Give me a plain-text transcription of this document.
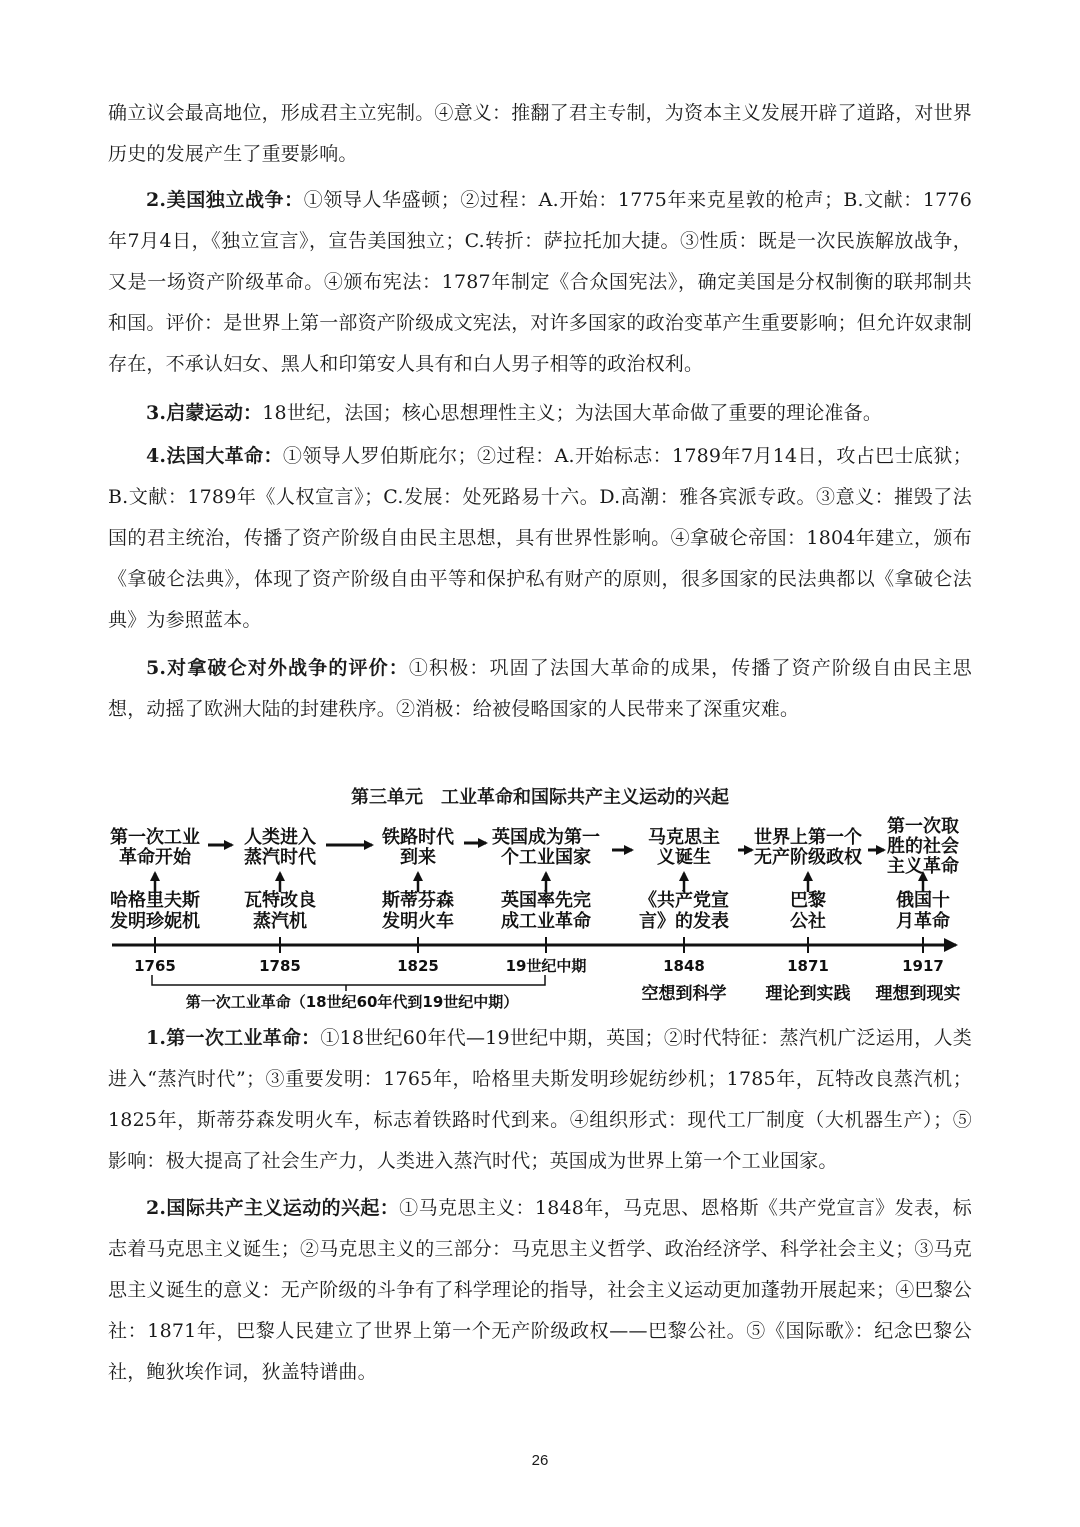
确立议会最高地位，形成君主立宪制。④意义：推翻了君主专制，为资本主义发展开辟了道路，对世界历史的发展产生了重要影响。

2.美国独立战争：①领导人华盛顿；②过程：A.开始：1775年来克星敦的枪声；B.文献：1776年7月4日，《独立宣言》，宣告美国独立；C.转折：萨拉托加大捷。③性质：既是一次民族解放战争，又是一场资产阶级革命。④颁布宪法：1787年制定《合众国宪法》，确定美国是分权制衡的联邦制共和国。评价：是世界上第一部资产阶级成文宪法，对许多国家的政治变革产生重要影响；但允许奴隶制存在，不承认妇女、黑人和印第安人具有和白人男子相等的政治权利。

3.启蒙运动：18世纪，法国；核心思想理性主义；为法国大革命做了重要的理论准备。

4.法国大革命：①领导人罗伯斯庇尔；②过程：A.开始标志：1789年7月14日，攻占巴士底狱；B.文献：1789年《人权宣言》；C.发展：处死路易十六。D.高潮：雅各宾派专政。③意义：摧毁了法国的君主统治，传播了资产阶级自由民主思想，具有世界性影响。④拿破仑帝国：1804年建立，颁布《拿破仑法典》，体现了资产阶级自由平等和保护私有财产的原则，很多国家的民法典都以《拿破仑法典》为参照蓝本。

5.对拿破仑对外战争的评价：①积极：巩固了法国大革命的成果，传播了资产阶级自由民主思想，动摇了欧洲大陆的封建秩序。②消极：给被侵略国家的人民带来了深重灾难。

第三单元　工业革命和国际共产主义运动的兴起
1765
第一次工业
革命开始
哈格里夫斯
发明珍妮机
1785
人类进入
蒸汽时代
瓦特改良
蒸汽机
1825
铁路时代
到来
斯蒂芬森
发明火车
19世纪中期
英国成为第一
个工业国家
英国率先完
成工业革命
1848
马克思主
义诞生
《共产党宣
言》的发表
1871
世界上第一个
无产阶级政权
巴黎
公社
1917
第一次取
胜的社会
主义革命
俄国十
月革命
第一次工业革命（18世纪60年代到19世纪中期）	空想到科学 理论到实践 理想到现实

1.第一次工业革命：①18世纪60年代—19世纪中期，英国；②时代特征：蒸汽机广泛运用，人类进入“蒸汽时代”；③重要发明：1765年，哈格里夫斯发明珍妮纺纱机；1785年，瓦特改良蒸汽机；1825年，斯蒂芬森发明火车，标志着铁路时代到来。④组织形式：现代工厂制度（大机器生产）；⑤影响：极大提高了社会生产力，人类进入蒸汽时代；英国成为世界上第一个工业国家。

2.国际共产主义运动的兴起：①马克思主义：1848年，马克思、恩格斯《共产党宣言》发表，标志着马克思主义诞生；②马克思主义的三部分：马克思主义哲学、政治经济学、科学社会主义；③马克思主义诞生的意义：无产阶级的斗争有了科学理论的指导，社会主义运动更加蓬勃开展起来；④巴黎公社：1871年，巴黎人民建立了世界上第一个无产阶级政权——巴黎公社。⑤《国际歌》：纪念巴黎公社，鲍狄埃作词，狄盖特谱曲。

26
